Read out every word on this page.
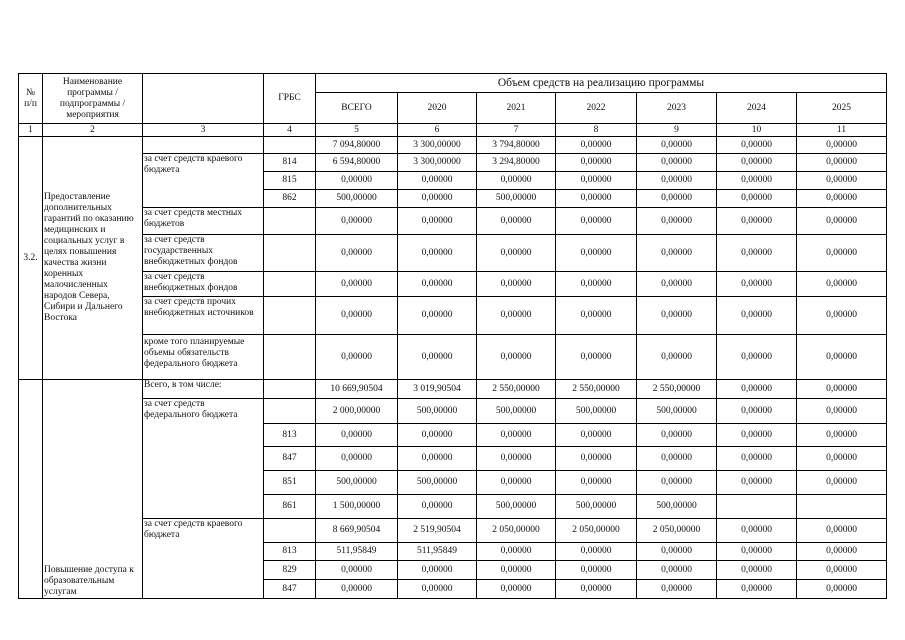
№ п/п	Наименование программы / подпрограммы / мероприятия		ГРБС	Объем средств на реализацию программы						
				ВСЕГО	2020	2021	2022	2023	2024	2025
1	2	3	4	5	6	7	8	9	10	11
3.2.	Предоставление дополнительных гарантий по оказанию медицинских и социальных услуг в целях повышения качества жизни коренных малочисленных народов Севера, Сибири и Дальнего Востока			7 094,80000	3 300,00000	3 794,80000	0,00000	0,00000	0,00000	0,00000
		за счет средств краевого бюджета	814	6 594,80000	3 300,00000	3 294,80000	0,00000	0,00000	0,00000	0,00000
			815	0,00000	0,00000	0,00000	0,00000	0,00000	0,00000	0,00000
			862	500,00000	0,00000	500,00000	0,00000	0,00000	0,00000	0,00000
		за счет средств местных бюджетов		0,00000	0,00000	0,00000	0,00000	0,00000	0,00000	0,00000
		за счет средств государственных внебюджетных фондов		0,00000	0,00000	0,00000	0,00000	0,00000	0,00000	0,00000
		за счет средств внебюджетных фондов		0,00000	0,00000	0,00000	0,00000	0,00000	0,00000	0,00000
		за счет средств прочих внебюджетных источников		0,00000	0,00000	0,00000	0,00000	0,00000	0,00000	0,00000
		кроме того планируемые объемы обязательств федерального бюджета		0,00000	0,00000	0,00000	0,00000	0,00000	0,00000	0,00000
	Повышение доступа к образовательным услугам	Всего, в том числе:		10 669,90504	3 019,90504	2 550,00000	2 550,00000	2 550,00000	0,00000	0,00000
		за счет средств федерального бюджета		2 000,00000	500,00000	500,00000	500,00000	500,00000	0,00000	0,00000
			813	0,00000	0,00000	0,00000	0,00000	0,00000	0,00000	0,00000
			847	0,00000	0,00000	0,00000	0,00000	0,00000	0,00000	0,00000
			851	500,00000	500,00000	0,00000	0,00000	0,00000	0,00000	0,00000
			861	1 500,00000	0,00000	500,00000	500,00000	500,00000		
		за счет средств краевого бюджета		8 669,90504	2 519,90504	2 050,00000	2 050,00000	2 050,00000	0,00000	0,00000
			813	511,95849	511,95849	0,00000	0,00000	0,00000	0,00000	0,00000
			829	0,00000	0,00000	0,00000	0,00000	0,00000	0,00000	0,00000
			847	0,00000	0,00000	0,00000	0,00000	0,00000	0,00000	0,00000
